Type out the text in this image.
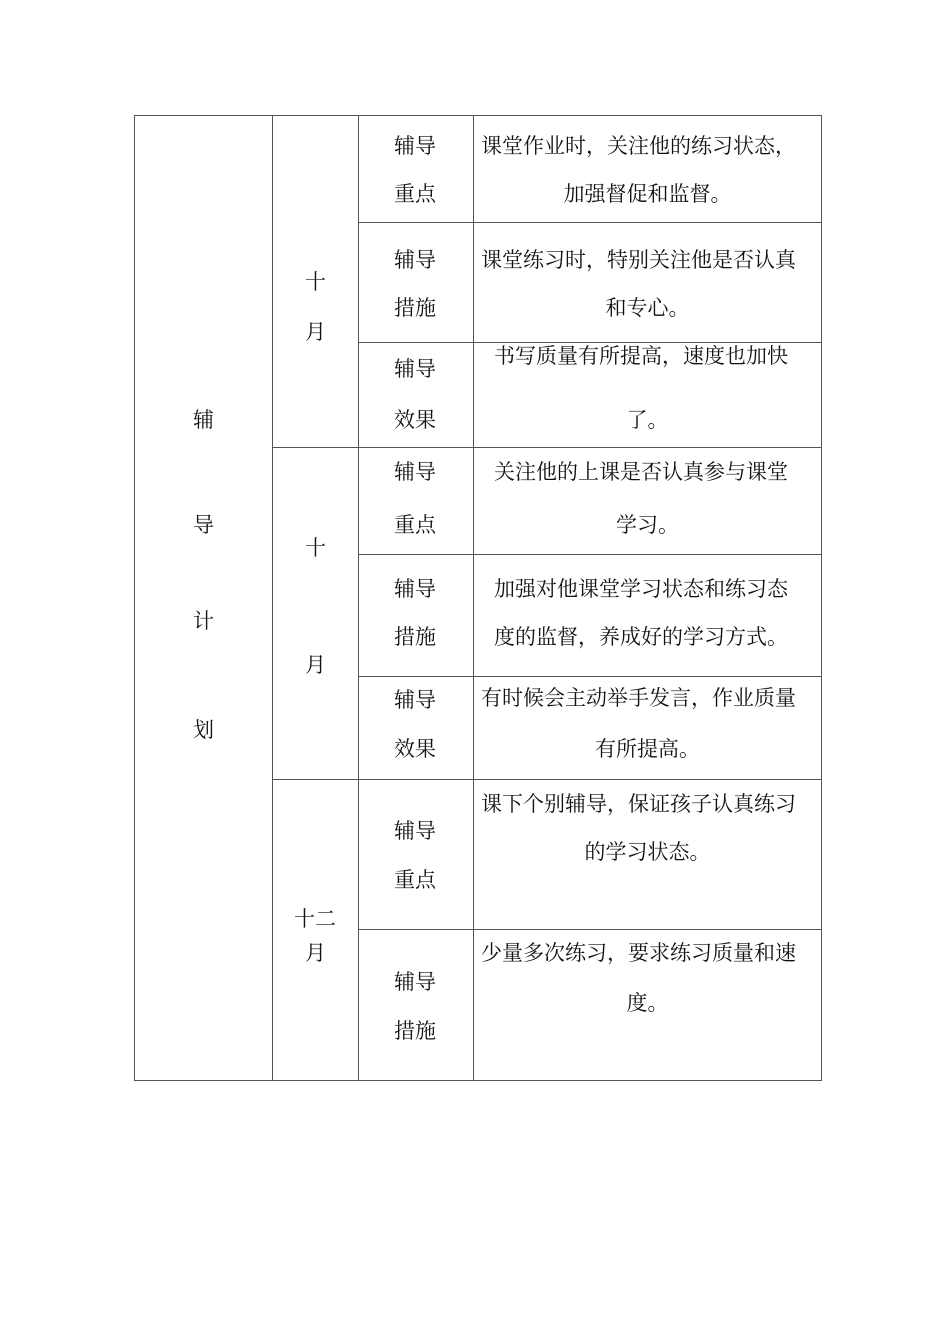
辅
导
计
划
十
月
十
月
十二
月
辅导
重点
课堂作业时，关注他的练习状态，
加强督促和监督。
辅导
措施
课堂练习时，特别关注他是否认真
和专心。
辅导
效果
书写质量有所提高，速度也加快
了。
辅导
重点
关注他的上课是否认真参与课堂
学习。
辅导
措施
加强对他课堂学习状态和练习态
度的监督，养成好的学习方式。
辅导
效果
有时候会主动举手发言，作业质量
有所提高。
辅导
重点
课下个别辅导，保证孩子认真练习
的学习状态。
辅导
措施
少量多次练习，要求练习质量和速
度。
